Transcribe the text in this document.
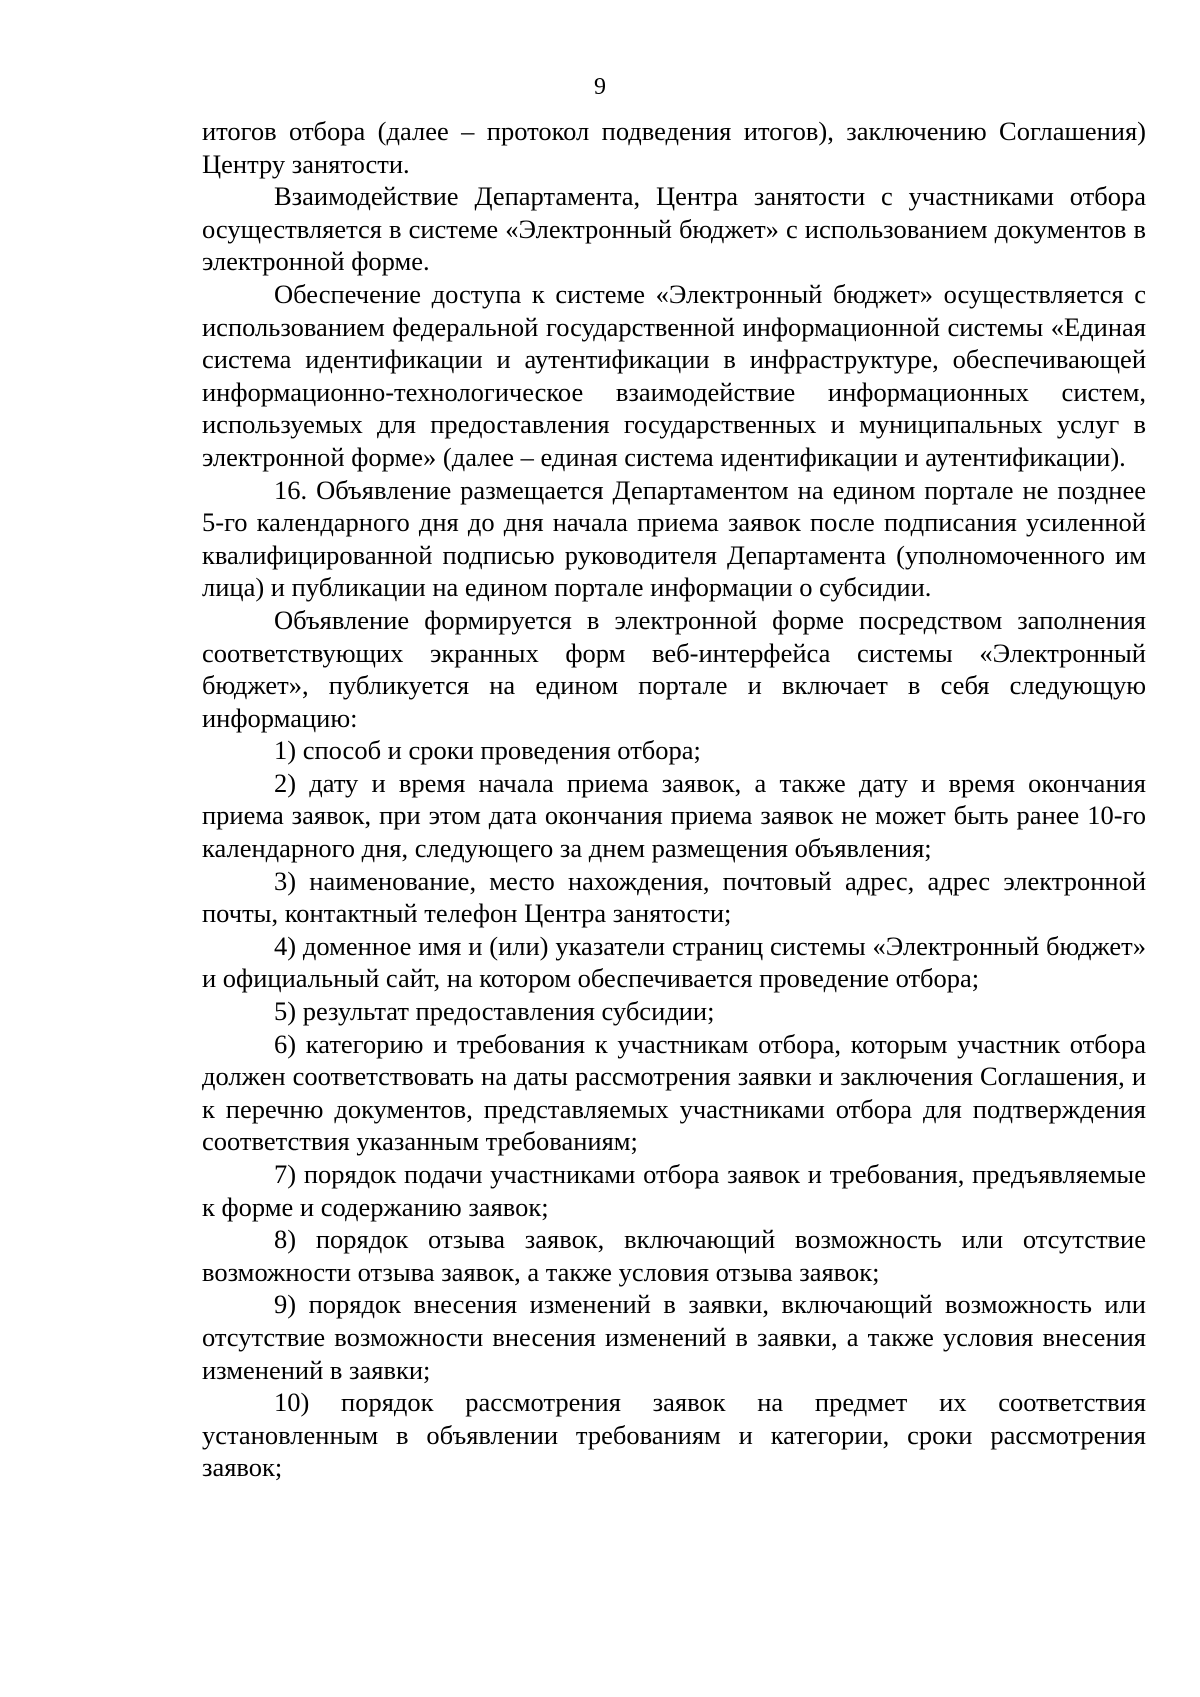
9

итогов отбора (далее – протокол подведения итогов), заключению Соглашения) Центру занятости.

Взаимодействие Департамента, Центра занятости с участниками отбора осуществляется в системе «Электронный бюджет» с использованием документов в электронной форме.

Обеспечение доступа к системе «Электронный бюджет» осуществляется с использованием федеральной государственной информационной системы «Единая система идентификации и аутентификации в инфраструктуре, обеспечивающей информационно-технологическое взаимодействие информационных систем, используемых для предоставления государственных и муниципальных услуг в электронной форме» (далее – единая система идентификации и аутентификации).

16. Объявление размещается Департаментом на едином портале не позднее 5-го календарного дня до дня начала приема заявок после подписания усиленной квалифицированной подписью руководителя Департамента (уполномоченного им лица) и публикации на едином портале информации о субсидии.

Объявление формируется в электронной форме посредством заполнения соответствующих экранных форм веб-интерфейса системы «Электронный бюджет», публикуется на едином портале и включает в себя следующую информацию:

1) способ и сроки проведения отбора;

2) дату и время начала приема заявок, а также дату и время окончания приема заявок, при этом дата окончания приема заявок не может быть ранее 10-го календарного дня, следующего за днем размещения объявления;

3) наименование, место нахождения, почтовый адрес, адрес электронной почты, контактный телефон Центра занятости;

4) доменное имя и (или) указатели страниц системы «Электронный бюджет» и официальный сайт, на котором обеспечивается проведение отбора;

5) результат предоставления субсидии;

6) категорию и требования к участникам отбора, которым участник отбора должен соответствовать на даты рассмотрения заявки и заключения Соглашения, и к перечню документов, представляемых участниками отбора для подтверждения соответствия указанным требованиям;

7) порядок подачи участниками отбора заявок и требования, предъявляемые к форме и содержанию заявок;

8) порядок отзыва заявок, включающий возможность или отсутствие возможности отзыва заявок, а также условия отзыва заявок;

9) порядок внесения изменений в заявки, включающий возможность или отсутствие возможности внесения изменений в заявки, а также условия внесения изменений в заявки;

10) порядок рассмотрения заявок на предмет их соответствия установленным в объявлении требованиям и категории, сроки рассмотрения заявок;
